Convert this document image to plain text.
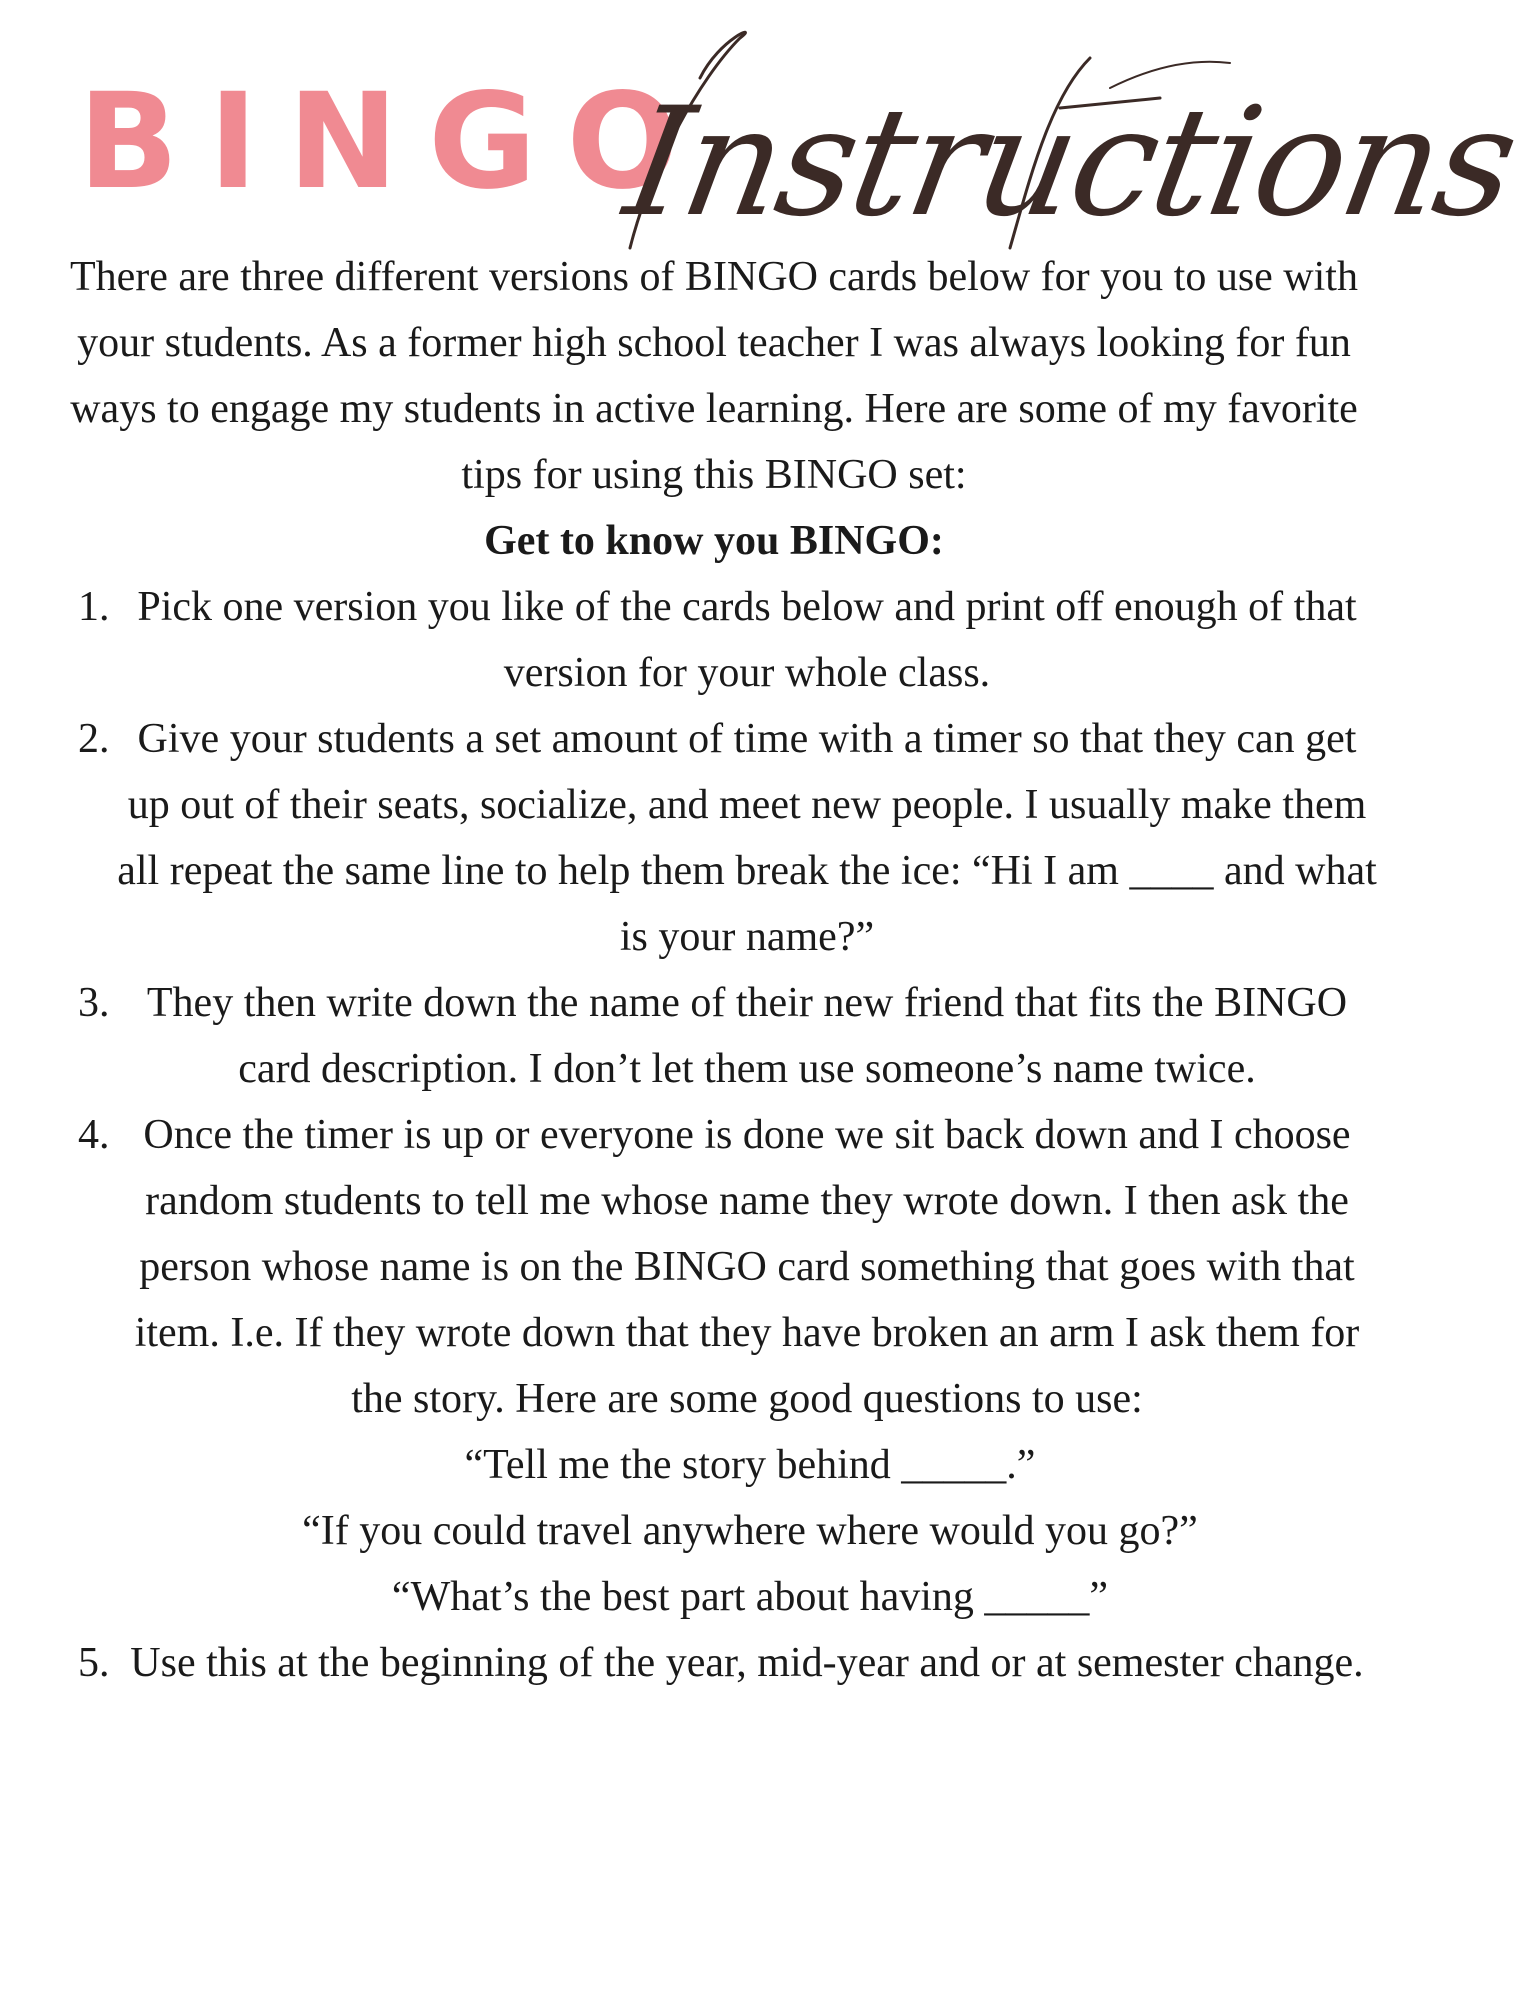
BINGO
Instructions

There are three different versions of BINGO cards below for you to use with your students. As a former high school teacher I was always looking for fun ways to engage my students in active learning. Here are some of my favorite tips for using this BINGO set:

Get to know you BINGO:

1. Pick one version you like of the cards below and print off enough of that version for your whole class.
2. Give your students a set amount of time with a timer so that they can get up out of their seats, socialize, and meet new people. I usually make them all repeat the same line to help them break the ice: “Hi I am ____ and what is your name?”
3. They then write down the name of their new friend that fits the BINGO card description. I don’t let them use someone’s name twice.
4. Once the timer is up or everyone is done we sit back down and I choose random students to tell me whose name they wrote down. I then ask the person whose name is on the BINGO card something that goes with that item. I.e. If they wrote down that they have broken an arm I ask them for the story. Here are some good questions to use:
“Tell me the story behind _____.”
“If you could travel anywhere where would you go?”
“What’s the best part about having _____”
5. Use this at the beginning of the year, mid-year and or at semester change.
